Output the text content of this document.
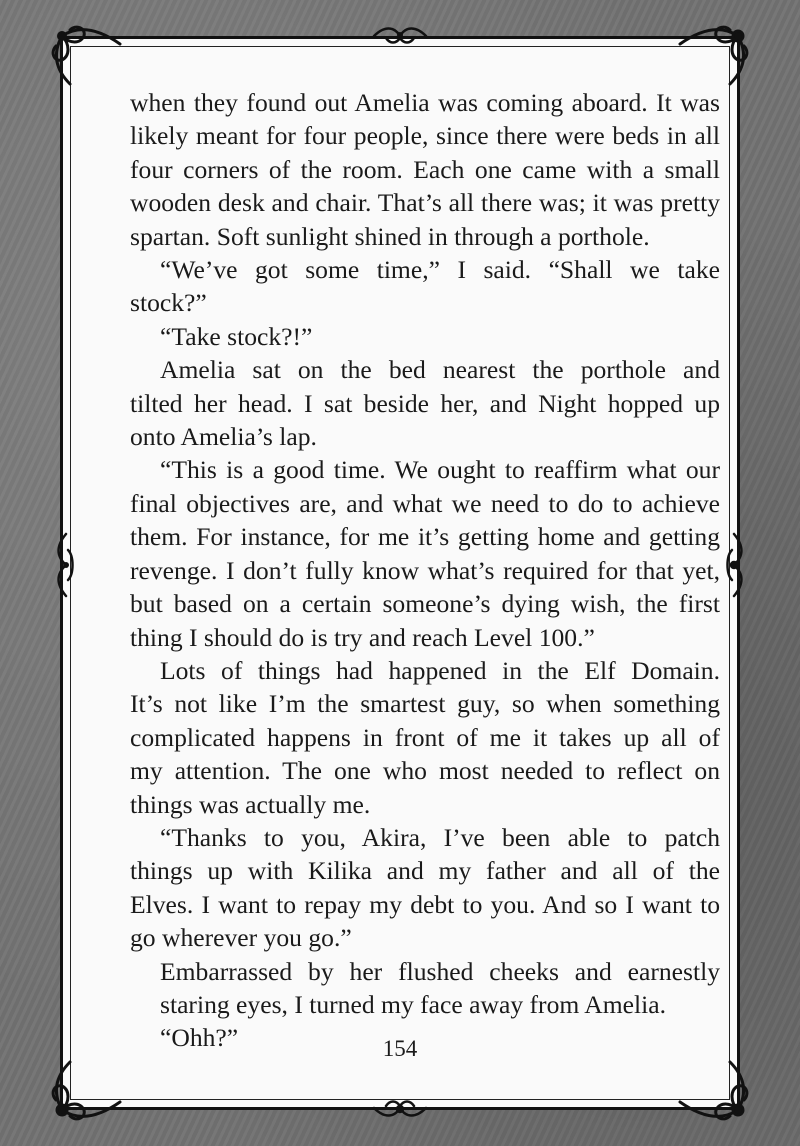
when they found out Amelia was coming aboard. It was
likely meant for four people, since there were beds in all
four corners of the room. Each one came with a small
wooden desk and chair. That’s all there was; it was pretty
spartan. Soft sunlight shined in through a porthole.
“We’ve got some time,” I said. “Shall we take
stock?”
“Take stock?!”
Amelia sat on the bed nearest the porthole and
tilted her head. I sat beside her, and Night hopped up
onto Amelia’s lap.
“This is a good time. We ought to reaffirm what our
final objectives are, and what we need to do to achieve
them. For instance, for me it’s getting home and getting
revenge. I don’t fully know what’s required for that yet,
but based on a certain someone’s dying wish, the first
thing I should do is try and reach Level 100.”
Lots of things had happened in the Elf Domain.
It’s not like I’m the smartest guy, so when something
complicated happens in front of me it takes up all of
my attention. The one who most needed to reflect on
things was actually me.
“Thanks to you, Akira, I’ve been able to patch
things up with Kilika and my father and all of the
Elves. I want to repay my debt to you. And so I want to
go wherever you go.”
Embarrassed by her flushed cheeks and earnestly
staring eyes, I turned my face away from Amelia.
“Ohh?”	154
